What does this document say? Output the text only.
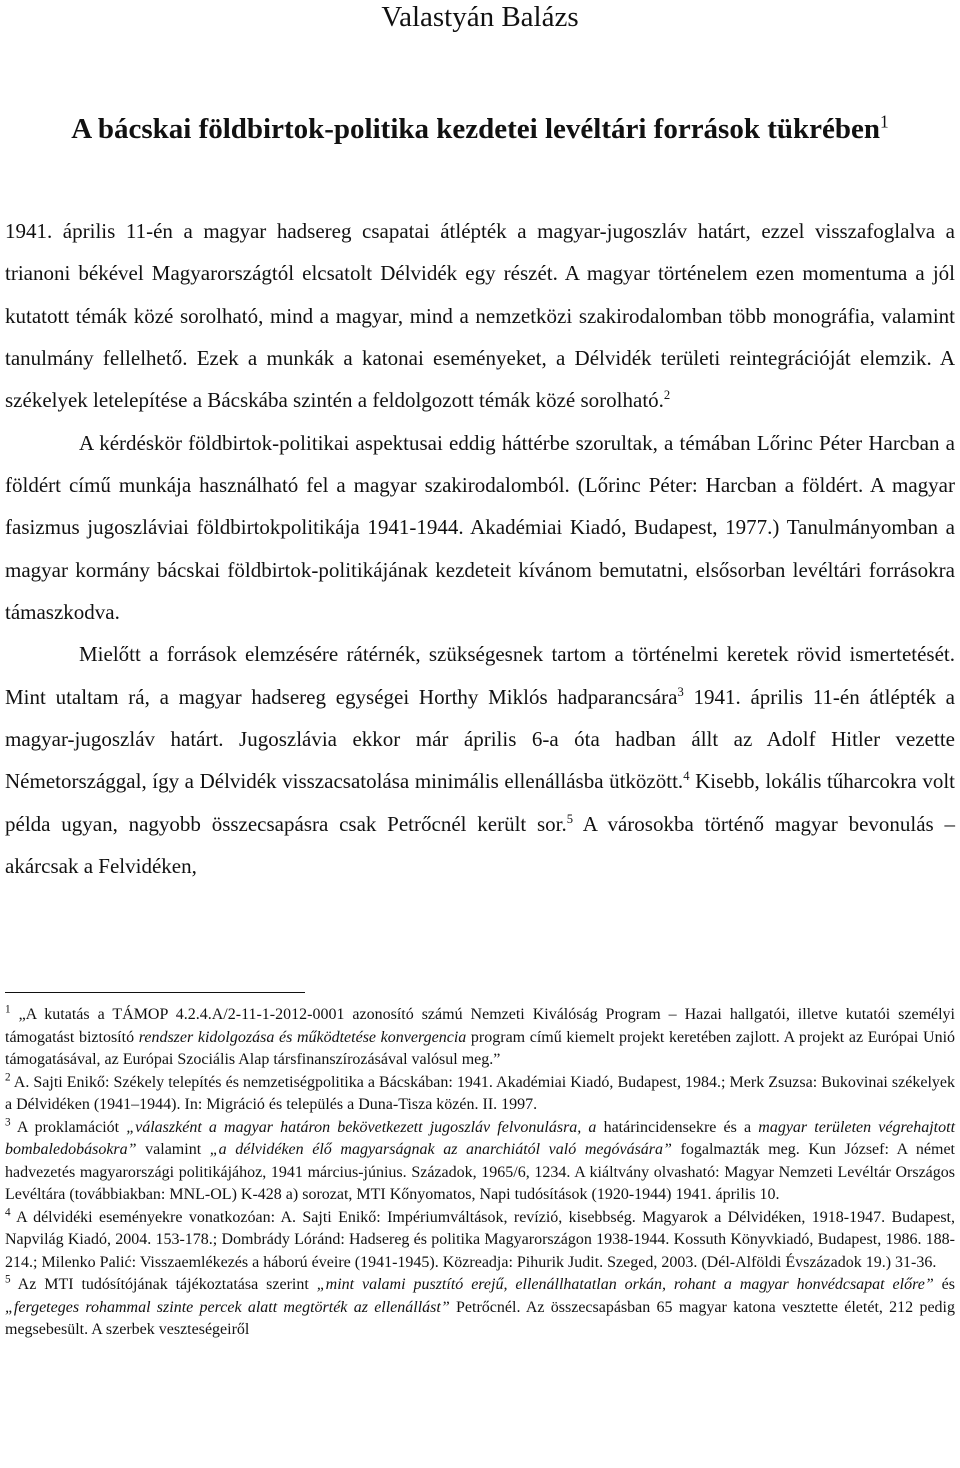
Valastyán Balázs
A bácskai földbirtok-politika kezdetei levéltári források tükrében$^1$

1941. április 11-én a magyar hadsereg csapatai átlépték a magyar-jugoszláv határt, ezzel visszafoglalva a trianoni békével Magyarországtól elcsatolt Délvidék egy részét. A magyar történelem ezen momentuma a jól kutatott témák közé sorolható, mind a magyar, mind a nemzetközi szakirodalomban több monográfia, valamint tanulmány fellelhető. Ezek a munkák a katonai eseményeket, a Délvidék területi reintegrációját elemzik. A székelyek letelepítése a Bácskába szintén a feldolgozott témák közé sorolható.$^2$

A kérdéskör földbirtok-politikai aspektusai eddig háttérbe szorultak, a témában Lőrinc Péter Harcban a földért című munkája használható fel a magyar szakirodalomból. (Lőrinc Péter: Harcban a földért. A magyar fasizmus jugoszláviai földbirtokpolitikája 1941-1944. Akadémiai Kiadó, Budapest, 1977.) Tanulmányomban a magyar kormány bácskai földbirtok-politikájának kezdeteit kívánom bemutatni, elsősorban levéltári forrásokra támaszkodva.

Mielőtt a források elemzésére rátérnék, szükségesnek tartom a történelmi keretek rövid ismertetését. Mint utaltam rá, a magyar hadsereg egységei Horthy Miklós hadparancsára$^3$ 1941. április 11-én átlépték a magyar-jugoszláv határt. Jugoszlávia ekkor már április 6-a óta hadban állt az Adolf Hitler vezette Németországgal, így a Délvidék visszacsatolása minimális ellenállásba ütközött.$^4$ Kisebb, lokális tűharcokra volt példa ugyan, nagyobb összecsapásra csak Petrőcnél került sor.$^5$ A városokba történő magyar bevonulás – akárcsak a Felvidéken,

$^1$ „A kutatás a TÁMOP 4.2.4.A/2-11-1-2012-0001 azonosító számú Nemzeti Kiválóság Program – Hazai hallgatói, illetve kutatói személyi támogatást biztosító rendszer kidolgozása és működtetése konvergencia program című kiemelt projekt keretében zajlott. A projekt az Európai Unió támogatásával, az Európai Szociális Alap társfinanszírozásával valósul meg.”

$^2$ A. Sajti Enikő: Székely telepítés és nemzetiségpolitika a Bácskában: 1941. Akadémiai Kiadó, Budapest, 1984.; Merk Zsuzsa: Bukovinai székelyek a Délvidéken (1941–1944). In: Migráció és település a Duna-Tisza közén. II. 1997.

$^3$ A proklamációt „válaszként a magyar határon bekövetkezett jugoszláv felvonulásra, a határincidensekre és a magyar területen végrehajtott bombaledobásokra” valamint „a délvidéken élő magyarságnak az anarchiától való megóvására” fogalmazták meg. Kun József: A német hadvezetés magyarországi politikájához, 1941 március-június. Századok, 1965/6, 1234. A kiáltvány olvasható: Magyar Nemzeti Levéltár Országos Levéltára (továbbiakban: MNL-OL) K-428 a) sorozat, MTI Kőnyomatos, Napi tudósítások (1920-1944) 1941. április 10.

$^4$ A délvidéki eseményekre vonatkozóan: A. Sajti Enikő: Impériumváltások, revízió, kisebbség. Magyarok a Délvidéken, 1918-1947. Budapest, Napvilág Kiadó, 2004. 153-178.; Dombrády Lóránd: Hadsereg és politika Magyarországon 1938-1944. Kossuth Könyvkiadó, Budapest, 1986. 188-214.; Milenko Palić: Visszaemlékezés a háború éveire (1941-1945). Közreadja: Pihurik Judit. Szeged, 2003. (Dél-Alföldi Évszázadok 19.) 31-36.

$^5$ Az MTI tudósítójának tájékoztatása szerint „mint valami pusztító erejű, ellenállhatatlan orkán, rohant a magyar honvédcsapat előre” és „fergeteges rohammal szinte percek alatt megtörték az ellenállást” Petrőcnél. Az összecsapásban 65 magyar katona vesztette életét, 212 pedig megsebesült. A szerbek veszteségeiről
